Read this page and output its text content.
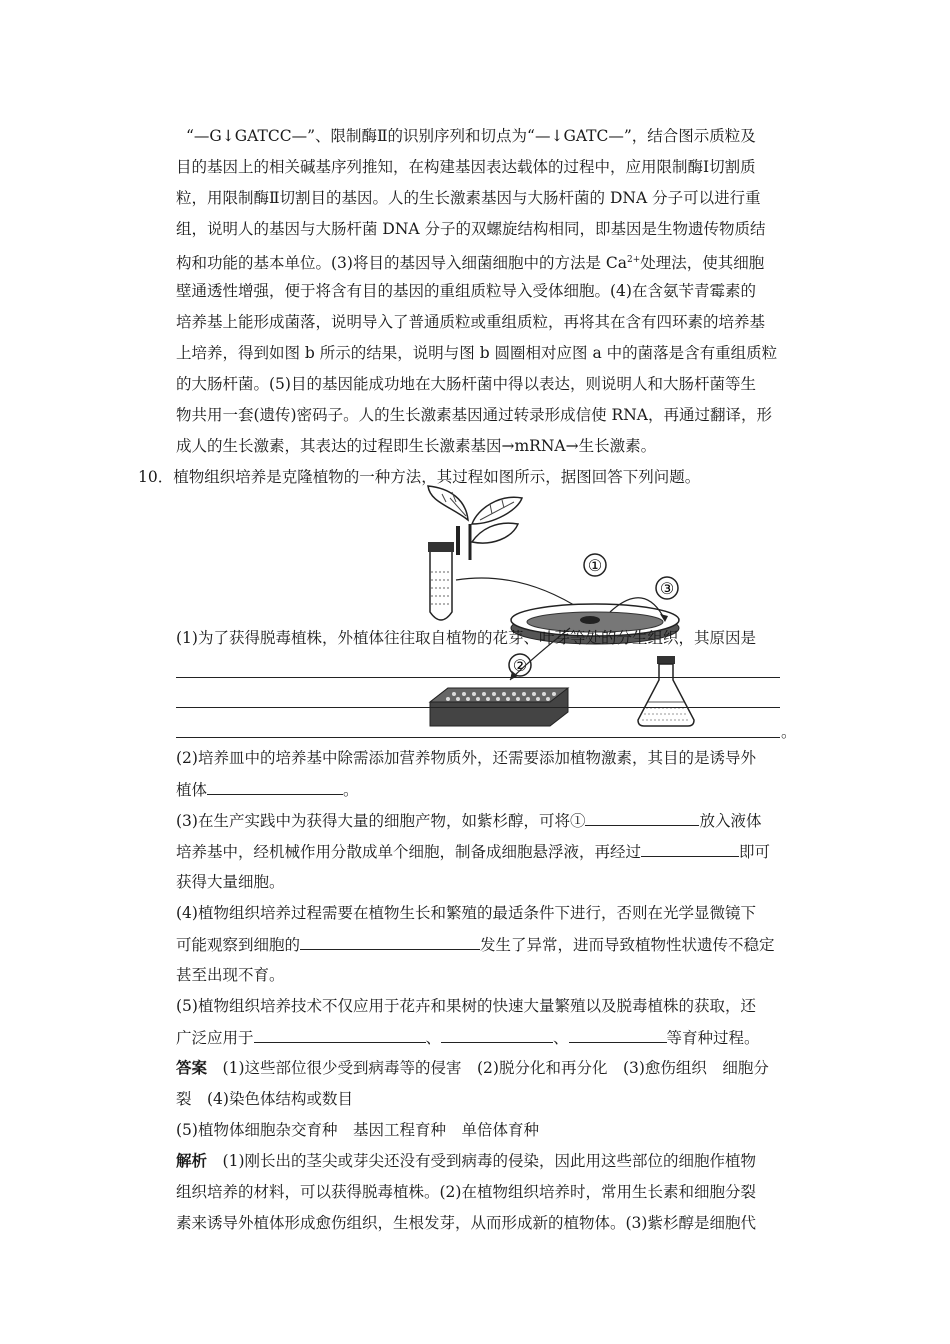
“—G↓GATCC—”、限制酶Ⅱ的识别序列和切点为“—↓GATC—”，结合图示质粒及
目的基因上的相关碱基序列推知，在构建基因表达载体的过程中，应用限制酶Ⅰ切割质
粒，用限制酶Ⅱ切割目的基因。人的生长激素基因与大肠杆菌的 DNA 分子可以进行重
组，说明人的基因与大肠杆菌 DNA 分子的双螺旋结构相同，即基因是生物遗传物质结
构和功能的基本单位。(3)将目的基因导入细菌细胞中的方法是 $Ca^{2+}$处理法，使其细胞
壁通透性增强，便于将含有目的基因的重组质粒导入受体细胞。(4)在含氨苄青霉素的
培养基上能形成菌落，说明导入了普通质粒或重组质粒，再将其在含有四环素的培养基
上培养，得到如图 b 所示的结果，说明与图 b 圆圈相对应图 a 中的菌落是含有重组质粒
的大肠杆菌。(5)目的基因能成功地在大肠杆菌中得以表达，则说明人和大肠杆菌等生
物共用一套(遗传)密码子。人的生长激素基因通过转录形成信使 RNA，再通过翻译，形
成人的生长激素，其表达的过程即生长激素基因→mRNA→生长激素。
10．植物组织培养是克隆植物的一种方法，其过程如图所示，据图回答下列问题。
①
②
③
(1)为了获得脱毒植株，外植体往往取自植物的花芽、叶芽等处的分生组织，其原因是
。
(2)培养皿中的培养基中除需添加营养物质外，还需要添加植物激素，其目的是诱导外
植体	。
(3)在生产实践中为获得大量的细胞产物，如紫杉醇，可将①	放入液体
培养基中，经机械作用分散成单个细胞，制备成细胞悬浮液，再经过	即可
获得大量细胞。
(4)植物组织培养过程需要在植物生长和繁殖的最适条件下进行，否则在光学显微镜下
可能观察到细胞的	发生了异常，进而导致植物性状遗传不稳定
甚至出现不育。
(5)植物组织培养技术不仅应用于花卉和果树的快速大量繁殖以及脱毒植株的获取，还
广泛应用于	、	、	等育种过程。
答案　 (1)这些部位很少受到病毒等的侵害　(2)脱分化和再分化　(3)愈伤组织　细胞分
裂　(4)染色体结构或数目
(5)植物体细胞杂交育种　基因工程育种　单倍体育种
解析　 (1)刚长出的茎尖或芽尖还没有受到病毒的侵染，因此用这些部位的细胞作植物
组织培养的材料，可以获得脱毒植株。(2)在植物组织培养时，常用生长素和细胞分裂
素来诱导外植体形成愈伤组织，生根发芽，从而形成新的植物体。(3)紫杉醇是细胞代
